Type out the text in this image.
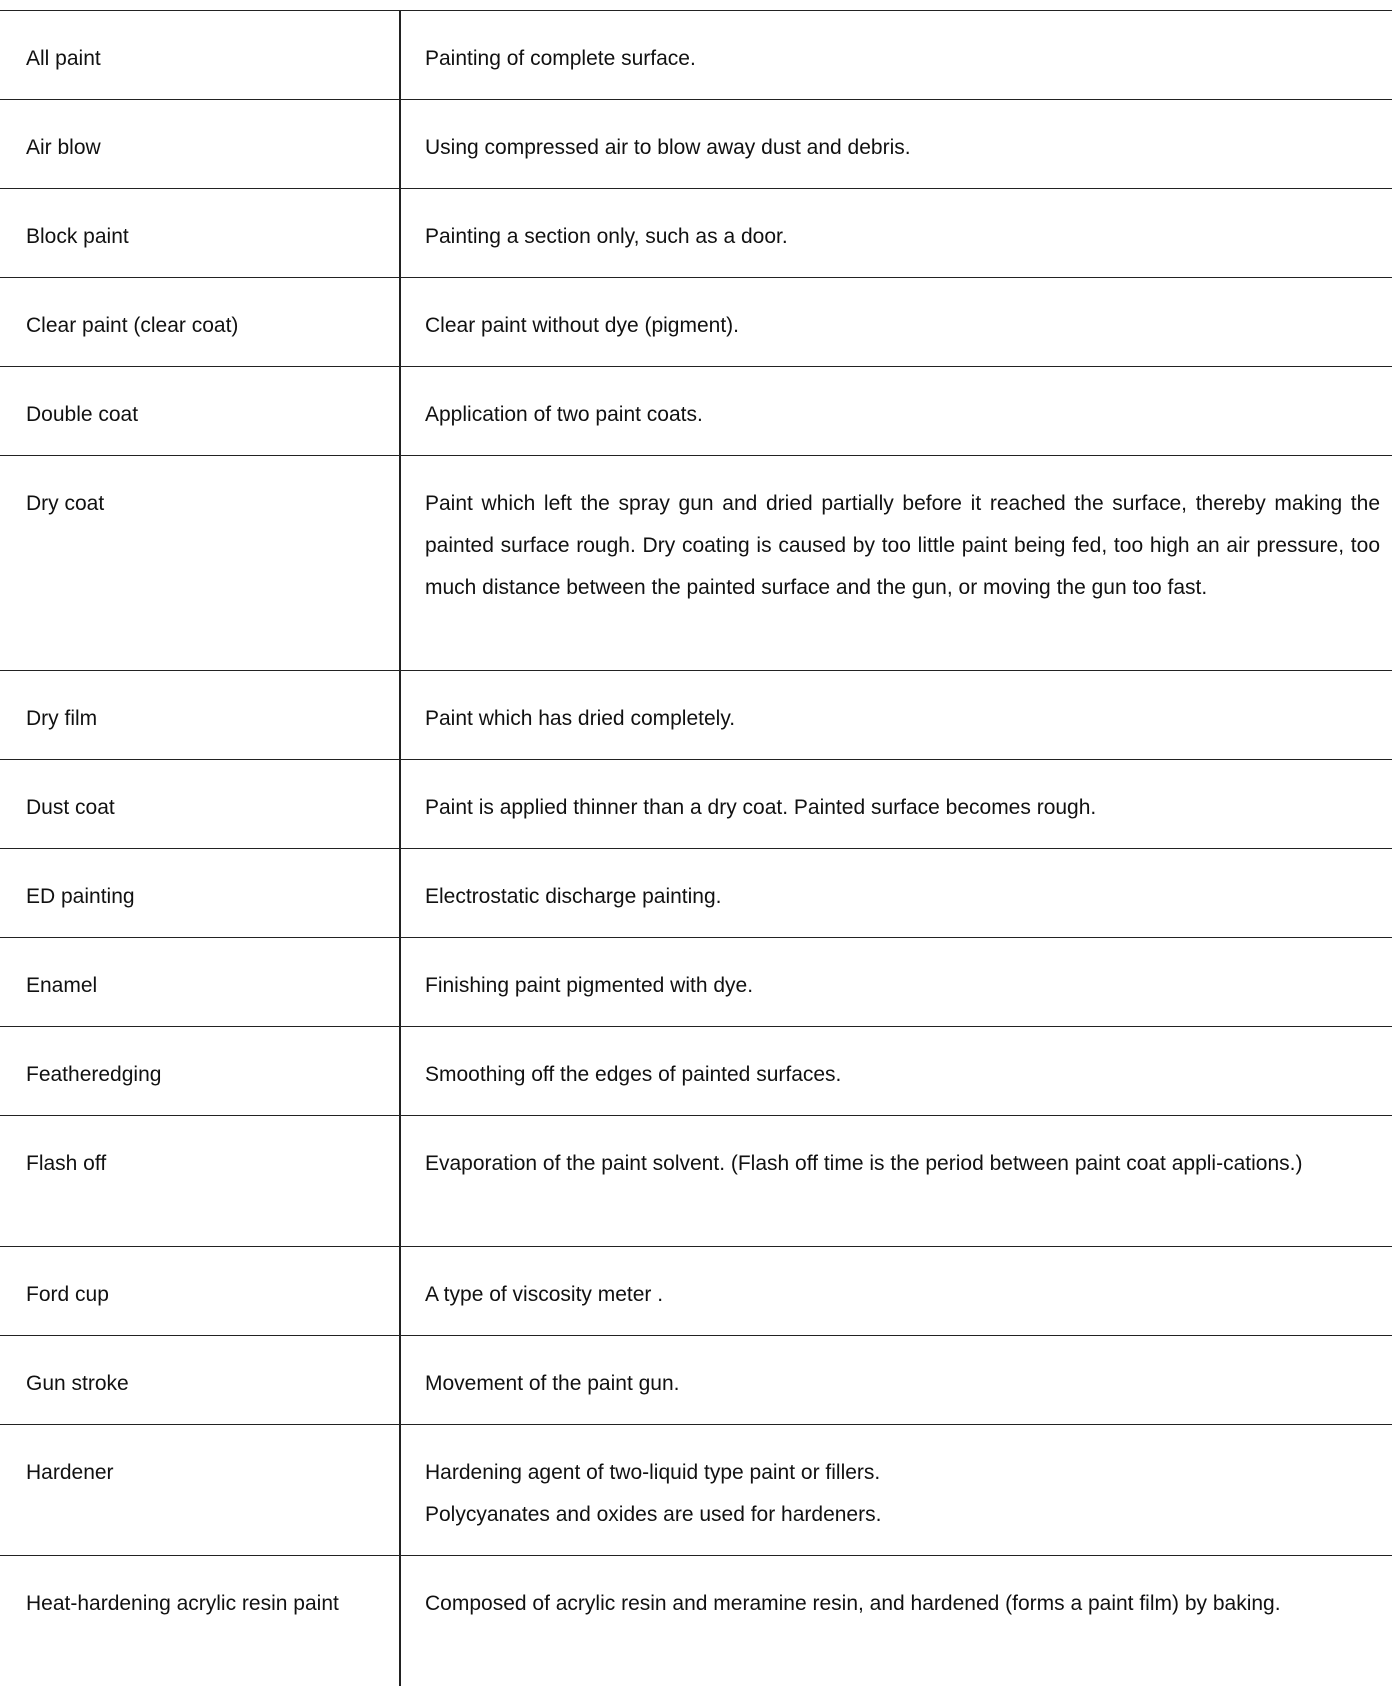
All paint	Painting of complete surface.
Air blow	Using compressed air to blow away dust and debris.
Block paint	Painting a section only, such as a door.
Clear paint (clear coat)	Clear paint without dye (pigment).
Double coat	Application of two paint coats.
Dry coat	Paint which left the spray gun and dried partially before it reached the surface, thereby making the painted surface rough. Dry coating is caused by too little paint being fed, too high an air pressure, too much distance between the painted surface and the gun, or moving the gun too fast.
Dry film	Paint which has dried completely.
Dust coat	Paint is applied thinner than a dry coat. Painted surface becomes rough.
ED painting	Electrostatic discharge painting.
Enamel	Finishing paint pigmented with dye.
Featheredging	Smoothing off the edges of painted surfaces.
Flash off	Evaporation of the paint solvent. (Flash off time is the period between paint coat appli-cations.)
Ford cup	A type of viscosity meter .
Gun stroke	Movement of the paint gun.
Hardener	Hardening agent of two-liquid type paint or fillers.
Polycyanates and oxides are used for hardeners.
Heat-hardening acrylic resin paint	Composed of acrylic resin and meramine resin, and hardened (forms a paint film) by baking.
